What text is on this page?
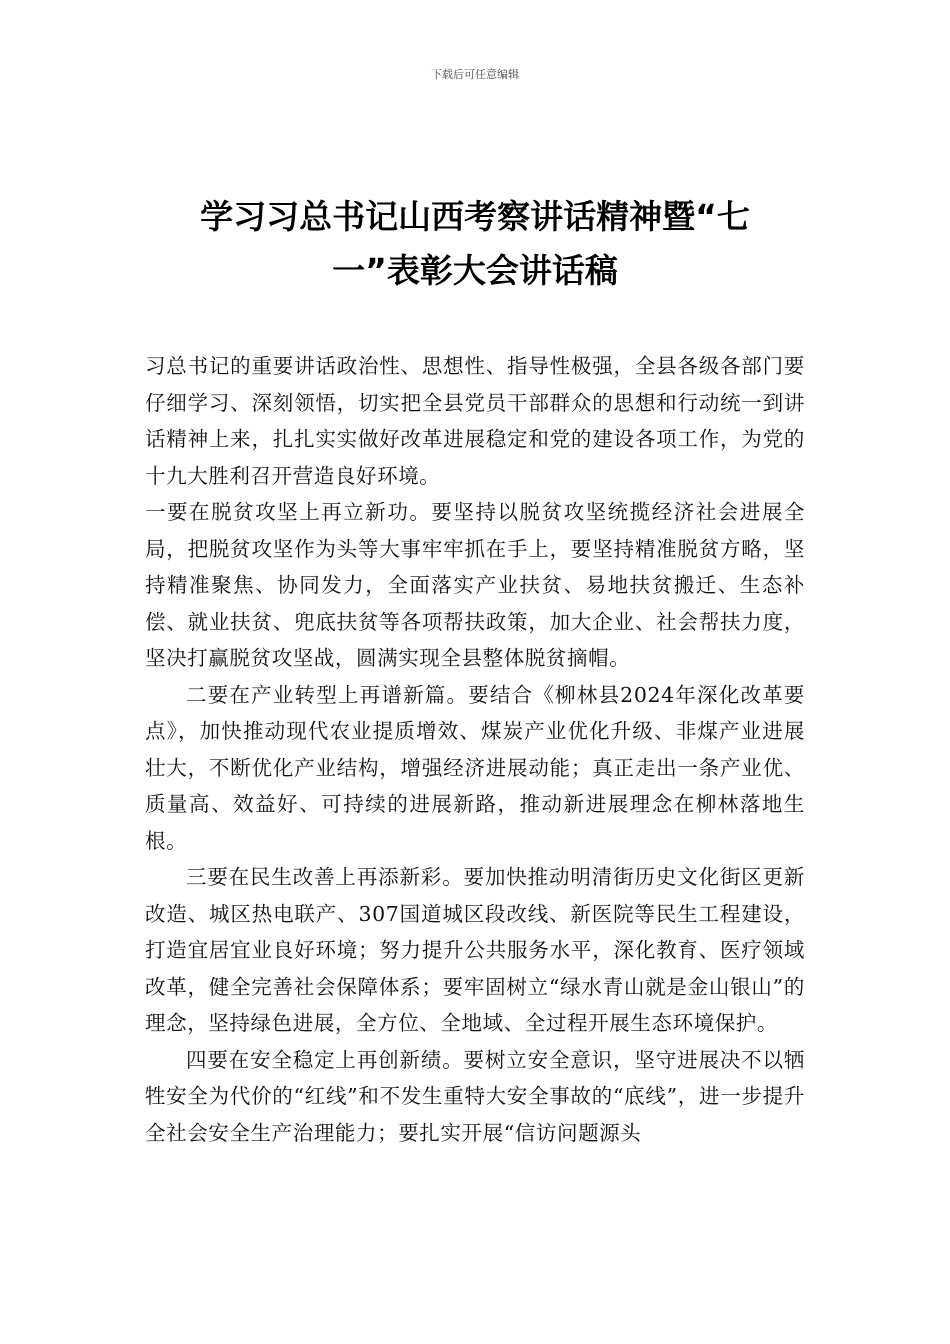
下载后可任意编辑
学习习总书记山西考察讲话精神暨“七
一”表彰大会讲话稿

习总书记的重要讲话政治性、思想性、指导性极强，全县各级各部门要仔细学习、深刻领悟，切实把全县党员干部群众的思想和行动统一到讲话精神上来，扎扎实实做好改革进展稳定和党的建设各项工作，为党的十九大胜利召开营造良好环境。

一要在脱贫攻坚上再立新功。要坚持以脱贫攻坚统揽经济社会进展全局，把脱贫攻坚作为头等大事牢牢抓在手上，要坚持精准脱贫方略，坚持精准聚焦、协同发力，全面落实产业扶贫、易地扶贫搬迁、生态补偿、就业扶贫、兜底扶贫等各项帮扶政策，加大企业、社会帮扶力度，坚决打赢脱贫攻坚战，圆满实现全县整体脱贫摘帽。

二要在产业转型上再谱新篇。要结合《柳林县2024年深化改革要点》，加快推动现代农业提质增效、煤炭产业优化升级、非煤产业进展壮大，不断优化产业结构，增强经济进展动能；真正走出一条产业优、质量高、效益好、可持续的进展新路，推动新进展理念在柳林落地生根。

三要在民生改善上再添新彩。要加快推动明清街历史文化街区更新改造、城区热电联产、307国道城区段改线、新医院等民生工程建设，打造宜居宜业良好环境；努力提升公共服务水平，深化教育、医疗领域改革，健全完善社会保障体系；要牢固树立“绿水青山就是金山银山”的理念，坚持绿色进展，全方位、全地域、全过程开展生态环境保护。

四要在安全稳定上再创新绩。要树立安全意识，坚守进展决不以牺牲安全为代价的“红线”和不发生重特大安全事故的“底线”，进一步提升全社会安全生产治理能力；要扎实开展“信访问题源头
